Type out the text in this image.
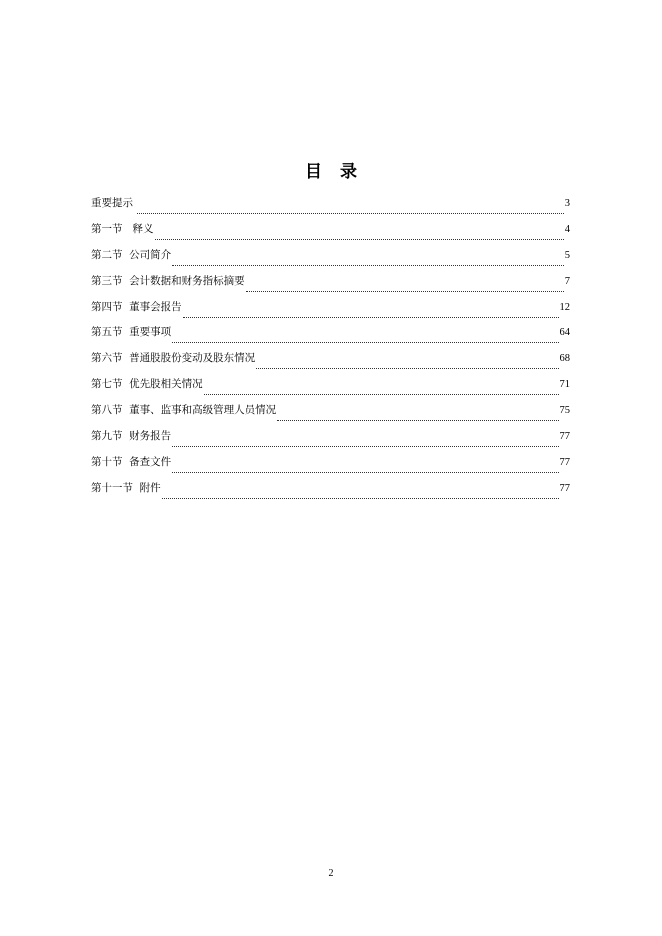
目录
重要提示	3
第一节   释义	4
第二节  公司简介	5
第三节  会计数据和财务指标摘要	7
第四节  董事会报告	12
第五节  重要事项	64
第六节  普通股股份变动及股东情况	68
第七节  优先股相关情况	71
第八节  董事、监事和高级管理人员情况	75
第九节  财务报告	77
第十节  备查文件	77
第十一节  附件	77
2
